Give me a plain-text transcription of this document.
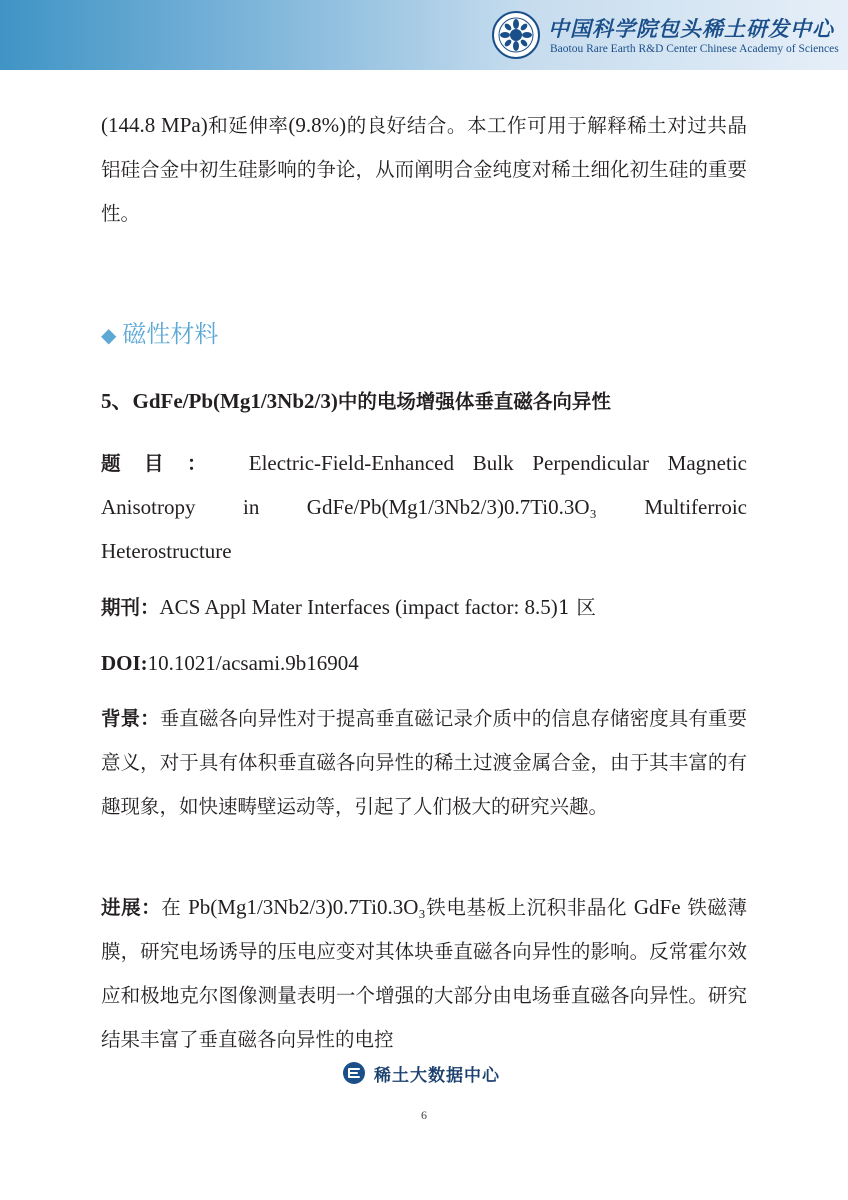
中国科学院包头稀土研发中心
Baotou Rare Earth R&D Center Chinese Academy of Sciences

(144.8 MPa)和延伸率(9.8%)的良好结合。本工作可用于解释稀土对过共晶铝硅合金中初生硅影响的争论，从而阐明合金纯度对稀土细化初生硅的重要性。

◆ 磁性材料
5、GdFe/Pb(Mg1/3Nb2/3)中的电场增强体垂直磁各向异性
题目： Electric-Field-Enhanced Bulk Perpendicular Magnetic
Anisotropy in GdFe/Pb(Mg1/3Nb2/3)0.7Ti0.3O₃ Multiferroic
Heterostructure
期刊：ACS Appl Mater Interfaces (impact factor: 8.5)1 区
DOI:10.1021/acsami.9b16904

背景：垂直磁各向异性对于提高垂直磁记录介质中的信息存储密度具有重要意义，对于具有体积垂直磁各向异性的稀土过渡金属合金，由于其丰富的有趣现象，如快速畴壁运动等，引起了人们极大的研究兴趣。

进展：在 Pb(Mg1/3Nb2/3)0.7Ti0.3O₃铁电基板上沉积非晶化 GdFe 铁磁薄膜，研究电场诱导的压电应变对其体块垂直磁各向异性的影响。反常霍尔效应和极地克尔图像测量表明一个增强的大部分由电场垂直磁各向异性。研究结果丰富了垂直磁各向异性的电控

稀土大数据中心
6
